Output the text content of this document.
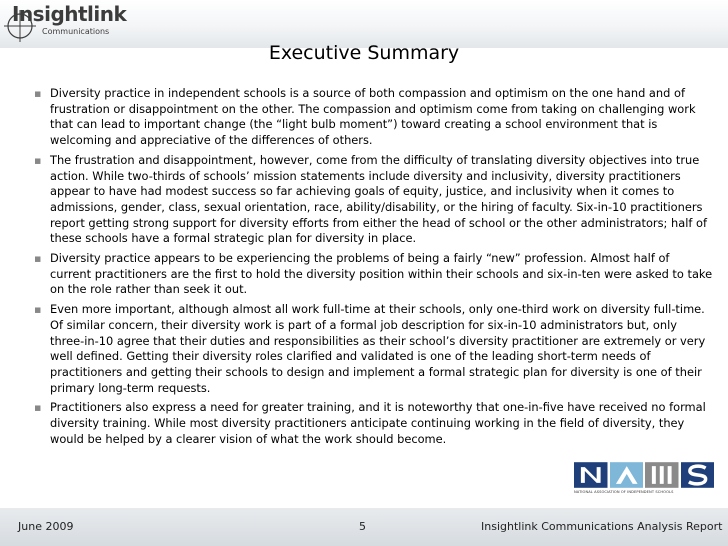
Insightlink
Communications
Executive Summary
▪ Diversity practice in independent schools is a source of both compassion and optimism on the one hand and of frustration or disappointment on the other. The compassion and optimism come from taking on challenging work that can lead to important change (the “light bulb moment”) toward creating a school environment that is welcoming and appreciative of the differences of others.
▪ The frustration and disappointment, however, come from the difficulty of translating diversity objectives into true action. While two-thirds of schools’ mission statements include diversity and inclusivity, diversity practitioners appear to have had modest success so far achieving goals of equity, justice, and inclusivity when it comes to admissions, gender, class, sexual orientation, race, ability/disability, or the hiring of faculty. Six-in-10 practitioners report getting strong support for diversity efforts from either the head of school or the other administrators; half of these schools have a formal strategic plan for diversity in place.
▪ Diversity practice appears to be experiencing the problems of being a fairly “new” profession. Almost half of current practitioners are the first to hold the diversity position within their schools and six-in-ten were asked to take on the role rather than seek it out.
▪ Even more important, although almost all work full-time at their schools, only one-third work on diversity full-time. Of similar concern, their diversity work is part of a formal job description for six-in-10 administrators but, only three-in-10 agree that their duties and responsibilities as their school’s diversity practitioner are extremely or very well defined. Getting their diversity roles clarified and validated is one of the leading short-term needs of practitioners and getting their schools to design and implement a formal strategic plan for diversity is one of their primary long-term requests.
▪ Practitioners also express a need for greater training, and it is noteworthy that one-in-five have received no formal diversity training. While most diversity practitioners anticipate continuing working in the field of diversity, they would be helped by a clearer vision of what the work should become.
NATIONAL ASSOCIATION OF INDEPENDENT SCHOOLS
June 2009	5	Insightlink Communications Analysis Report
